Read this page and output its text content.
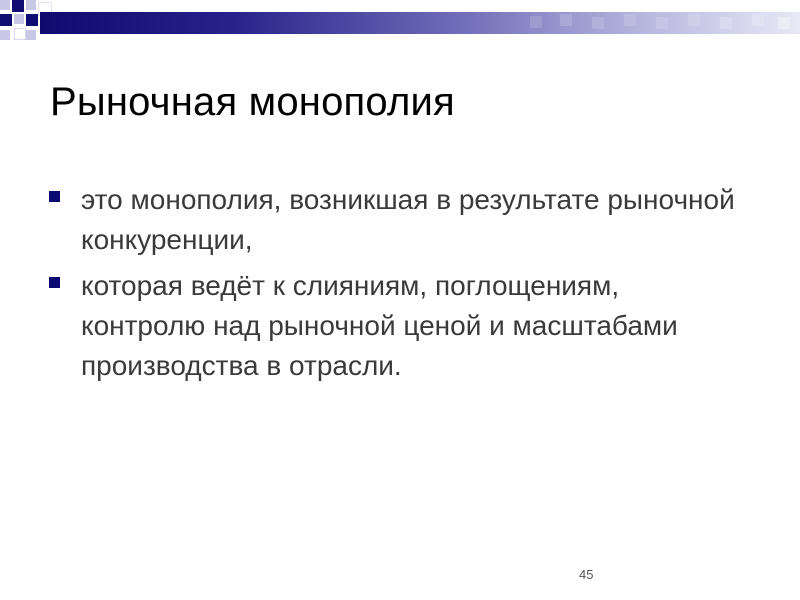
Рыночная монополия
это монополия, возникшая в результате рыночной конкуренции,
которая ведёт к слияниям, поглощениям, контролю над рыночной ценой и масштабами производства в отрасли.
45
